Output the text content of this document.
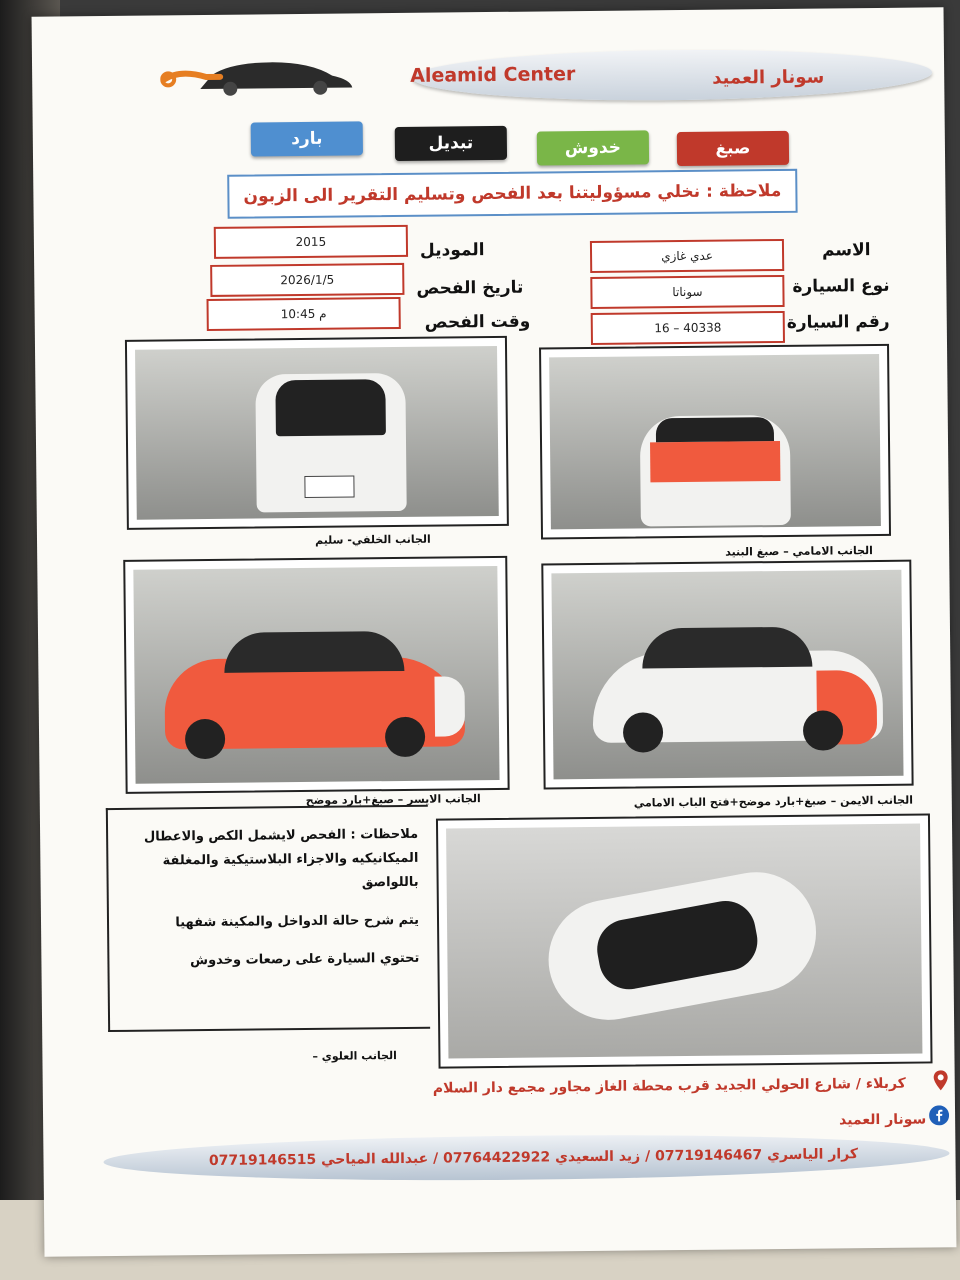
Aleamid Center	سونار العميد
بارد	تبديل	خدوش	صبغ
ملاحظة : نخلي مسؤوليتنا بعد الفحص وتسليم التقرير الى الزبون
الاسم
عدي غازي
نوع السيارة
سوناتا
رقم السيارة
16 – 40338
الموديل
2015
تاريخ الفحص
2026/1/5
وقت الفحص
10:45 م
الجانب الخلفي- سليم
الجانب الامامي – صبغ البنيد
الجانب الايسر – صبغ+بارد موضح	الجانب الايمن – صبغ+بارد موضح+فتح الباب الامامي
ملاحظات : الفحص لايشمل الكص والاعطال
الميكانيكيه والاجزاء البلاستيكية والمغلفة
باللواصق
يتم شرح حالة الدواخل والمكينة شفهيا
تحتوي السيارة على رصعات وخدوش
الجانب العلوي –
كربلاء / شارع الحولي الجديد قرب محطة الغاز مجاور مجمع دار السلام
سونار العميد
كرار الياسري 07719146467 / زيد السعيدي 07764422922 / عبدالله المياحي 07719146515
